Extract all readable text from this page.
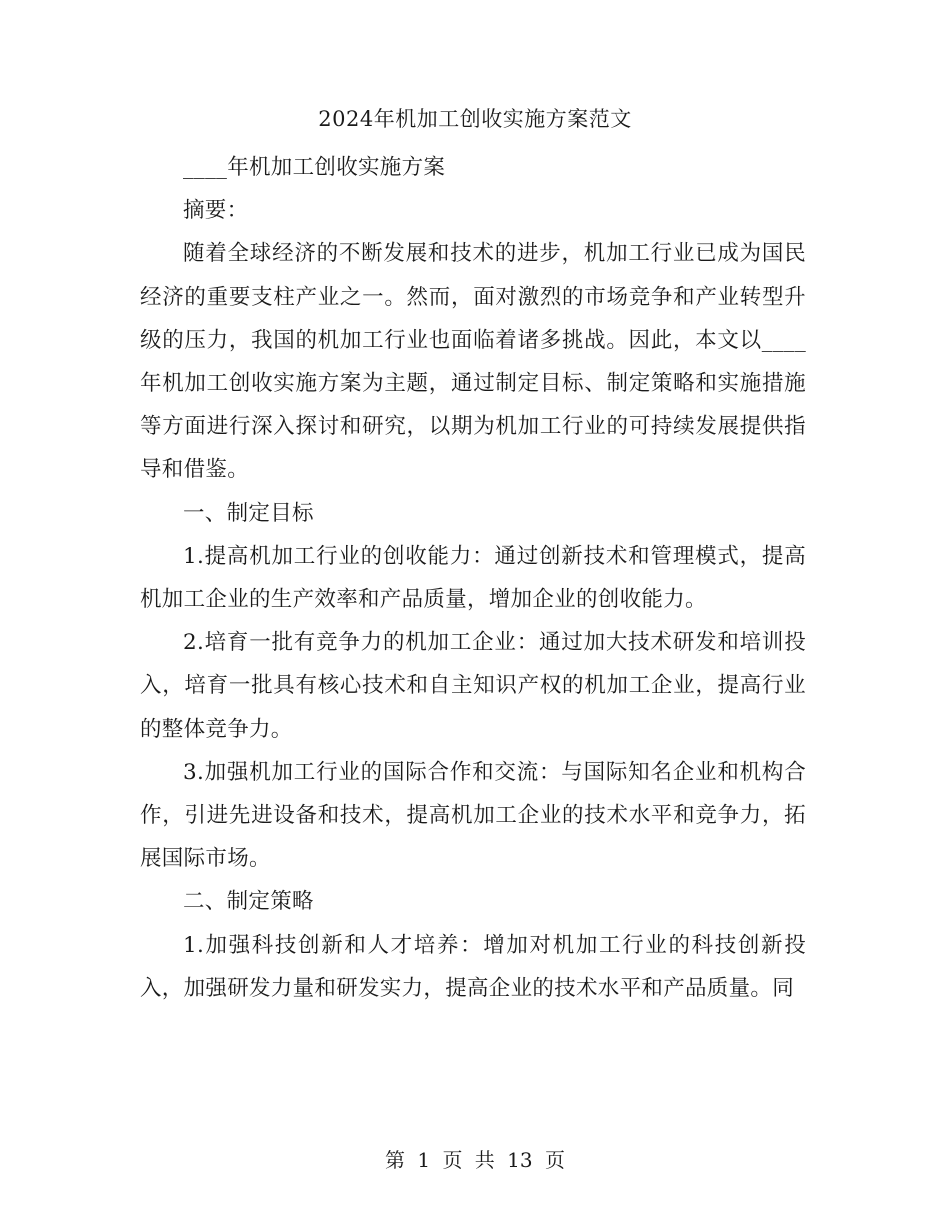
2024年机加工创收实施方案范文

____年机加工创收实施方案

摘要：

随着全球经济的不断发展和技术的进步，机加工行业已成为国民经济的重要支柱产业之一。然而，面对激烈的市场竞争和产业转型升级的压力，我国的机加工行业也面临着诸多挑战。因此，本文以____年机加工创收实施方案为主题，通过制定目标、制定策略和实施措施等方面进行深入探讨和研究，以期为机加工行业的可持续发展提供指导和借鉴。

一、制定目标

1.提高机加工行业的创收能力：通过创新技术和管理模式，提高机加工企业的生产效率和产品质量，增加企业的创收能力。

2.培育一批有竞争力的机加工企业：通过加大技术研发和培训投入，培育一批具有核心技术和自主知识产权的机加工企业，提高行业的整体竞争力。

3.加强机加工行业的国际合作和交流：与国际知名企业和机构合作，引进先进设备和技术，提高机加工企业的技术水平和竞争力，拓展国际市场。

二、制定策略

1.加强科技创新和人才培养：增加对机加工行业的科技创新投入，加强研发力量和研发实力，提高企业的技术水平和产品质量。同

第 1 页 共 13 页
